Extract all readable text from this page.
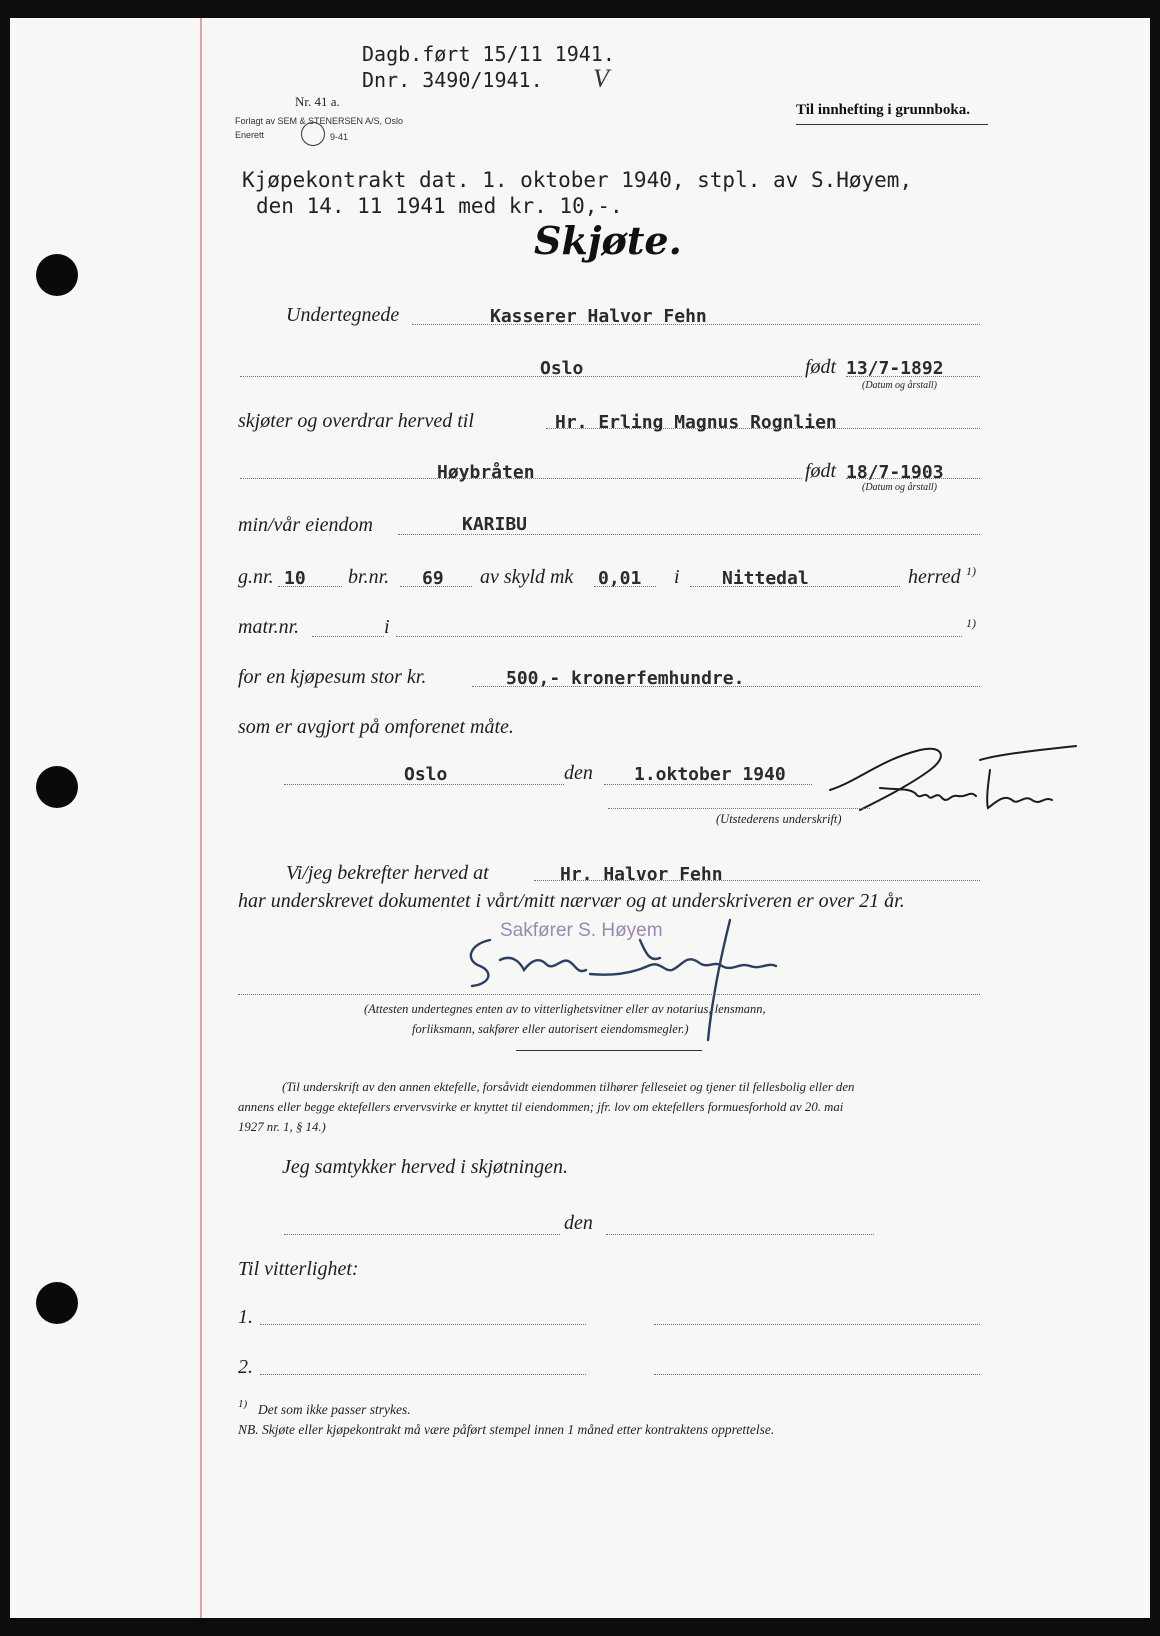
Dagb.ført 15/11 1941.
Dnr. 3490/1941. V
Nr. 41 a.
Forlagt av SEM & STENERSEN A/S, Oslo
Enerett	9-41
Til innhefting i grunnboka.
Kjøpekontrakt dat. 1. oktober 1940, stpl. av S.Høyem,
den 14. 11 1941 med kr. 10,-.
Skjøte.
Undertegnede	Kasserer Halvor Fehn
Oslo	født 13/7-1892
(Datum og årstall)
skjøter og overdrar herved til	Hr. Erling Magnus Rognlien
Høybråten	født 18/7-1903
(Datum og årstall)
min/vår eiendom	KARIBU
g.nr. 10 br.nr. 69 av skyld mk 0,01 i Nittedal	herred 1)
matr.nr.	i	1)
for en kjøpesum stor kr.	500,- kronerfemhundre.
som er avgjort på omforenet måte.
Oslo	den 1.oktober 1940
(Utstederens underskrift)
Vi/jeg bekrefter herved at	Hr. Halvor Fehn
har underskrevet dokumentet i vårt/mitt nærvær og at underskriveren er over 21 år.
Sakfører S. Høyem
(Attesten undertegnes enten av to vitterlighetsvitner eller av notarius, lensmann,
forliksmann, sakfører eller autorisert eiendomsmegler.)
(Til underskrift av den annen ektefelle, forsåvidt eiendommen tilhører felleseiet og tjener til fellesbolig eller den
annens eller begge ektefellers ervervsvirke er knyttet til eiendommen; jfr. lov om ektefellers formuesforhold av 20. mai
1927 nr. 1, § 14.)
Jeg samtykker herved i skjøtningen.
den
Til vitterlighet:
1.
2.
1) Det som ikke passer strykes.
NB. Skjøte eller kjøpekontrakt må være påført stempel innen 1 måned etter kontraktens opprettelse.
